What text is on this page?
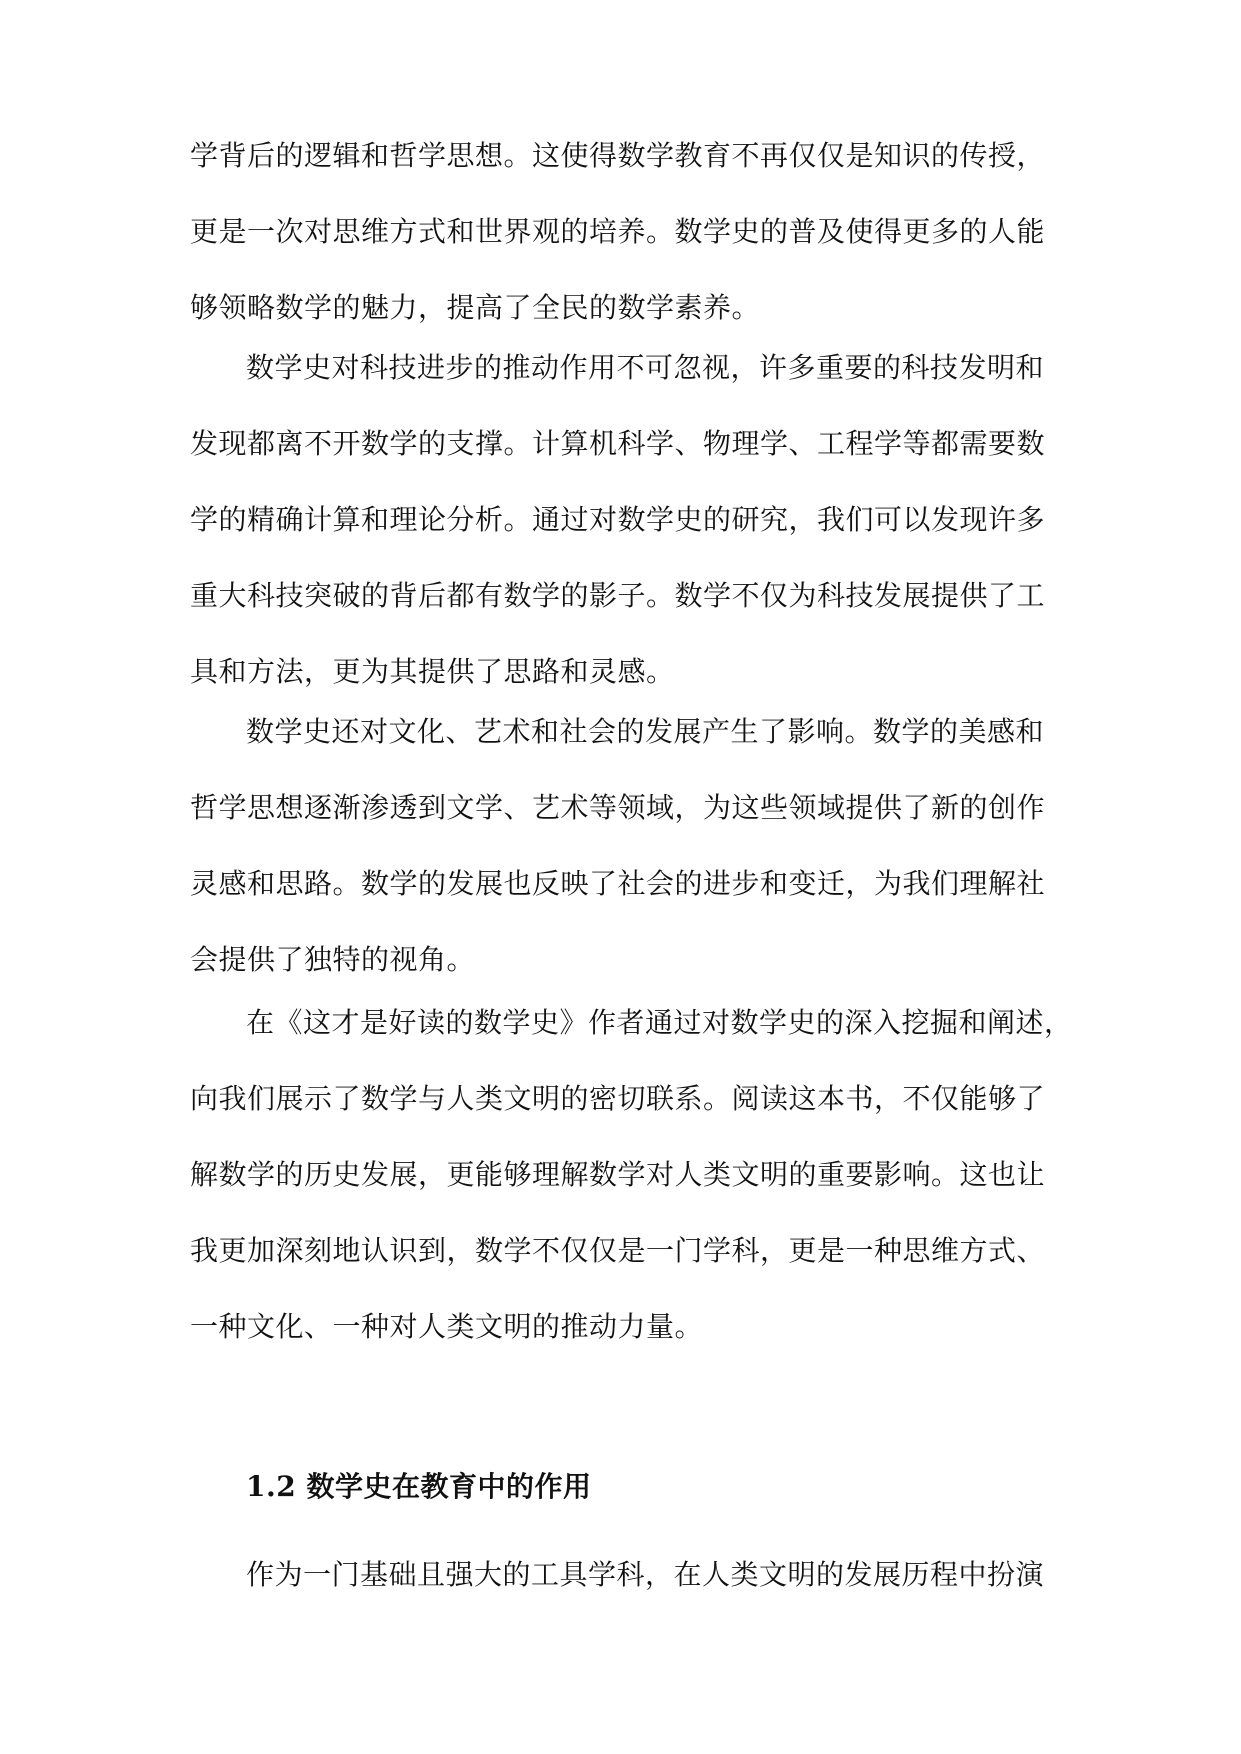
学背后的逻辑和哲学思想。这使得数学教育不再仅仅是知识的传授，
更是一次对思维方式和世界观的培养。数学史的普及使得更多的人能
够领略数学的魅力，提高了全民的数学素养。
数学史对科技进步的推动作用不可忽视，许多重要的科技发明和
发现都离不开数学的支撑。计算机科学、物理学、工程学等都需要数
学的精确计算和理论分析。通过对数学史的研究，我们可以发现许多
重大科技突破的背后都有数学的影子。数学不仅为科技发展提供了工
具和方法，更为其提供了思路和灵感。
数学史还对文化、艺术和社会的发展产生了影响。数学的美感和
哲学思想逐渐渗透到文学、艺术等领域，为这些领域提供了新的创作
灵感和思路。数学的发展也反映了社会的进步和变迁，为我们理解社
会提供了独特的视角。
在《这才是好读的数学史》作者通过对数学史的深入挖掘和阐述，
向我们展示了数学与人类文明的密切联系。阅读这本书，不仅能够了
解数学的历史发展，更能够理解数学对人类文明的重要影响。这也让
我更加深刻地认识到，数学不仅仅是一门学科，更是一种思维方式、
一种文化、一种对人类文明的推动力量。
1.2 数学史在教育中的作用
作为一门基础且强大的工具学科，在人类文明的发展历程中扮演
